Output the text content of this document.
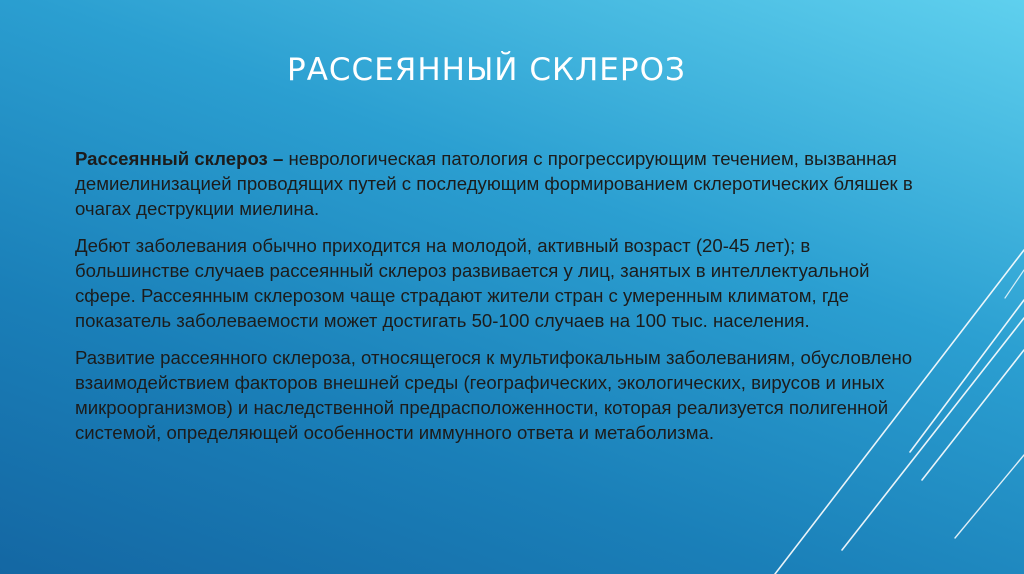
РАССЕЯННЫЙ СКЛЕРОЗ

Рассеянный склероз – неврологическая патология с прогрессирующим течением, вызванная демиелинизацией проводящих путей с последующим формированием склеротических бляшек в очагах деструкции миелина.

Дебют заболевания обычно приходится на молодой, активный возраст (20-45 лет); в большинстве случаев рассеянный склероз развивается у лиц, занятых в интеллектуальной сфере. Рассеянным склерозом чаще страдают жители стран с умеренным климатом, где показатель заболеваемости может достигать 50-100 случаев на 100 тыс. населения.

Развитие рассеянного склероза, относящегося к мультифокальным заболеваниям, обусловлено взаимодействием факторов внешней среды (географических, экологических, вирусов и иных микроорганизмов) и наследственной предрасположенности, которая реализуется полигенной системой, определяющей особенности иммунного ответа и метаболизма.
